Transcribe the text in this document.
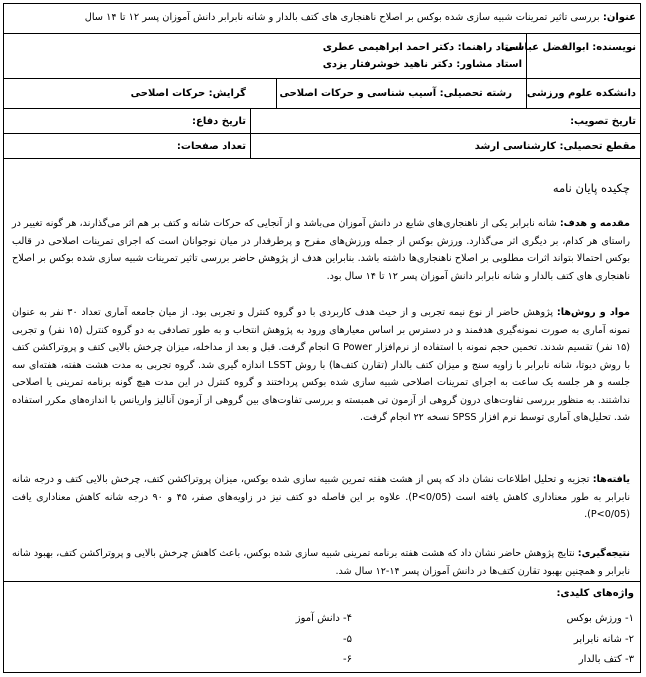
عنوان: بررسی تاثیر تمرینات شبیه سازی شده بوکس بر اصلاح ناهنجاری های کتف بالدار و شانه نابرابر دانش آموزان پسر ۱۲ تا ۱۴ سال
نویسنده: ابوالفضل عباسی
استاد راهنما: دکتر احمد ابراهیمی عطری
استاد مشاور: دکتر ناهید خوشرفتار یزدی
دانشکده علوم ورزشی
رشته تحصیلی: آسیب شناسی و حرکات اصلاحی
گرایش: حرکات اصلاحی
تاریخ تصویب:
تاریخ دفاع:
مقطع تحصیلی: کارشناسی ارشد
تعداد صفحات:
چکیده پایان نامه
مقدمه و هدف: شانه نابرابر یکی از ناهنجاری‌های شایع در دانش آموزان می‌باشد و از آنجایی که حرکات شانه و کتف بر هم اثر می‌گذارند، هر گونه تغییر در راستای هر کدام، بر دیگری اثر می‌گذارد. ورزش بوکس از جمله ورزش‌های مفرح و پرطرفدار در میان نوجوانان است که اجرای تمرینات اصلاحی در قالب بوکس احتمالا بتواند اثرات مطلوبی بر اصلاح ناهنجاری‌ها داشته باشد. بنابراین هدف از پژوهش حاضر بررسی تاثیر تمرینات شبیه سازی شده بوکس بر اصلاح ناهنجاری های کتف بالدار و شانه نابرابر دانش آموزان پسر ۱۲ تا ۱۴ سال بود.
مواد و روش‌ها: پژوهش حاضر از نوع نیمه تجربی و از حیث هدف کاربردی با دو گروه کنترل و تجربی بود. از میان جامعه آماری تعداد ۳۰ نفر به عنوان نمونه آماری به صورت نمونه‌گیری هدفمند و در دسترس بر اساس معیارهای ورود به پژوهش انتخاب و به طور تصادفی به دو گروه کنترل (۱۵ نفر) و تجربی (۱۵ نفر) تقسیم شدند. تخمین حجم نمونه با استفاده از نرم‌افزار G Power انجام گرفت. قبل و بعد از مداخله، میزان چرخش بالایی کتف و پروتراکشن کتف با روش دیوتا، شانه نابرابر با زاویه سنج و میزان کتف بالدار (تقارن کتف‌ها) با روش LSST اندازه گیری شد. گروه تجربی به مدت هشت هفته، هفته‌ای سه جلسه و هر جلسه‌ یک ساعت به اجرای تمرینات اصلاحی شبیه سازی شده بوکس پرداختند و گروه کنترل در این مدت هیچ گونه برنامه تمرینی یا اصلاحی نداشتند. به منظور بررسی تفاوت‌های درون گروهی از آزمون تی همبسته و بررسی تفاوت‌های بین گروهی از آزمون آنالیز واریانس با اندازه‌های مکرر استفاده شد. تحلیل‌های آماری توسط نرم افزار SPSS نسخه ۲۲ انجام گرفت.
یافته‌ها: تجزیه و تحلیل اطلاعات نشان داد که پس از هشت هفته تمرین شبیه سازی شده بوکس، میزان پروتراکشن کتف، چرخش بالایی کتف و درجه شانه نابرابر به طور معناداری کاهش یافته است (P<0/05). علاوه بر این فاصله دو کتف نیز در زاویه‌های صفر، ۴۵ و ۹۰ درجه شانه کاهش معناداری یافت (P<0/05).
نتیجه‌گیری: نتایج پژوهش حاضر نشان داد که هشت هفته برنامه تمرینی شبیه سازی شده بوکس، باعث کاهش چرخش بالایی و پروتراکشن کتف، بهبود شانه نابرابر و همچنین بهبود تقارن کتف‌ها در دانش آموزان پسر ۱۴-۱۲ سال شد.
واژه‌های کلیدی:
۱- ورزش بوکس
۲- شانه نابرابر
۳- کتف بالدار
۴- دانش آموز
۵-
۶-
